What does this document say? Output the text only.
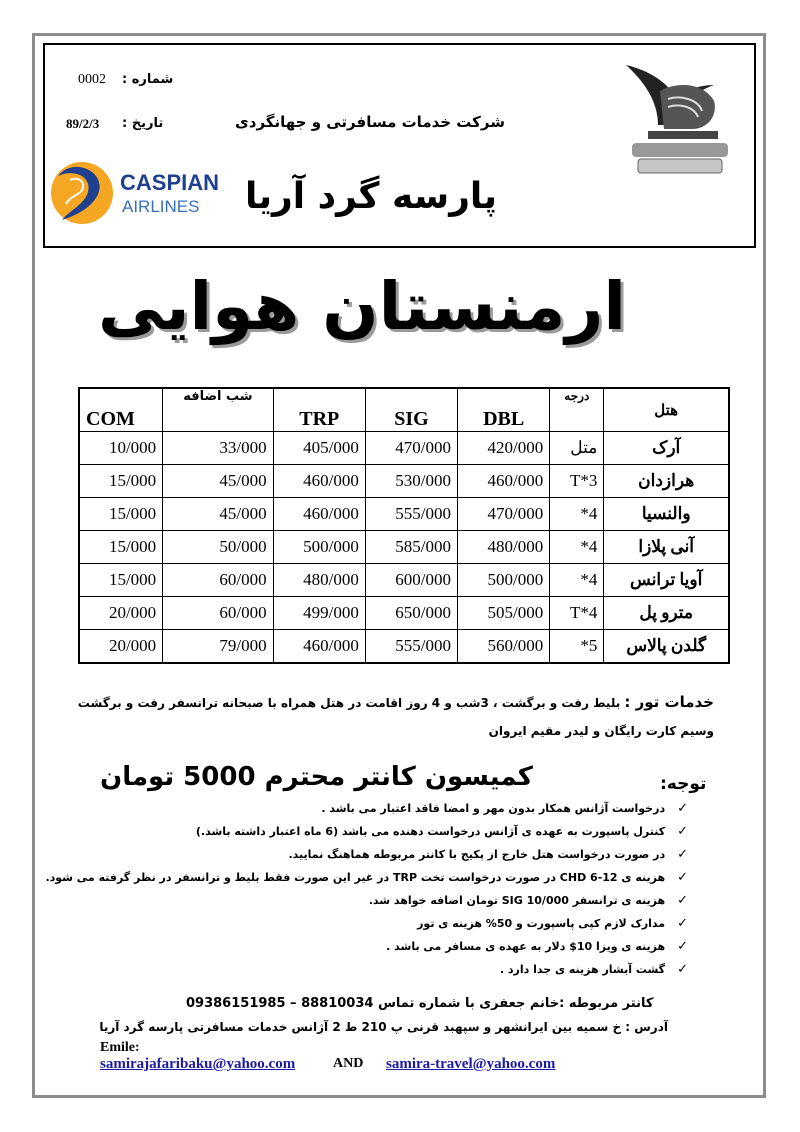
شماره :
0002
تاریخ :
89/2/3	شرکت خدمات مسافرتی و جهانگردی
پارسه گرد آریا
CASPIAN
AIRLINES
ارمنستان هوایی
COM	شب اضافه	TRP	SIG	DBL	درجه	هتل
10/000	33/000	405/000	470/000	420/000	متل	آرک
15/000	45/000	460/000	530/000	460/000	T*3	هرازدان
15/000	45/000	460/000	555/000	470/000	*4	والنسیا
15/000	50/000	500/000	585/000	480/000	*4	آنی پلازا
15/000	60/000	480/000	600/000	500/000	*4	آویا ترانس
20/000	60/000	499/000	650/000	505/000	T*4	مترو پل
20/000	79/000	460/000	555/000	560/000	*5	گلدن پالاس
خدمات تور : بلیط رفت و برگشت ، 3شب و 4 روز اقامت در هتل همراه با صبحانه ترانسفر رفت و برگشت
وسیم کارت رایگان و لیدر مقیم ایروان
توجه:
کمیسون کانتر محترم 5000 تومان
✓درخواست آژانس همکار بدون مهر و امضا فاقد اعتبار می باشد .
✓کنترل پاسپورت به عهده ی آژانس درخواست دهنده می باشد (6 ماه اعتبار داشته باشد.)
✓در صورت درخواست هتل خارج از پکیج با کانتر مربوطه هماهنگ نمایید.
✓هزینه ی CHD 6-12 در صورت درخواست تخت TRP در غیر این صورت فقط بلیط و ترانسفر در نظر گرفته می شود.
✓هزینه ی ترانسفر SIG 10/000 تومان اضافه خواهد شد.
✓مدارک لازم کپی پاسپورت و 50% هزینه ی تور
✓هزینه ی ویزا 10$ دلار به عهده ی مسافر می باشد .
✓گشت آبشار هزینه ی جدا دارد .
کانتر مربوطه :خانم جعفری با شماره تماس 88810034 – 09386151985
آدرس : خ سمیه بین ایرانشهر و سپهبد قرنی پ 210 ط 2 آژانس خدمات مسافرتی پارسه گرد آریا
Emile:
samirajafaribaku@yahoo.com	AND samira-travel@yahoo.com
